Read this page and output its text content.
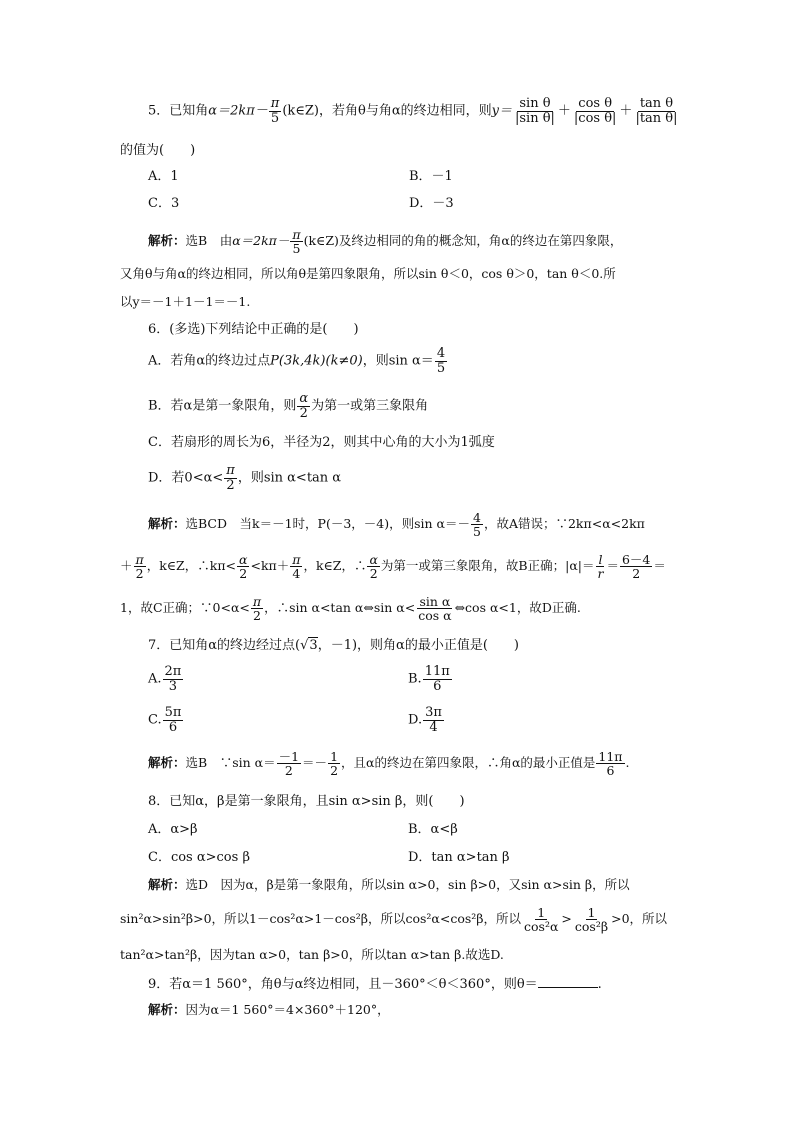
5．已知角$\alpha=2k\pi- \frac{\pi}{5}$ (k∈Z)，若角θ与角α的终边相同，则$y= \frac{\text{sin θ}}{\text{|sin θ|}} + \frac{\text{cos θ}}{\text{|cos θ|}} + \frac{\text{tan θ}}{\text{|tan θ|}}$
的值为(　　)
A．1	B．－1
C．3	D．－3
解析：选B　由$\alpha=2k\pi- \frac{\pi}{5}$ (k∈Z)及终边相同的角的概念知，角α的终边在第四象限，
又角θ与角α的终边相同，所以角θ是第四象限角，所以sin θ＜0，cos θ＞0，tan θ＜0.所
以y＝－1＋1－1＝－1.
6．(多选)下列结论中正确的是(　　)
A．若角α的终边过点P(3k,4k)(k≠0)，则$\sin \alpha= \frac{4}{5}$
B．若α是第一象限角，则 $\frac{\alpha}{2}$ 为第一或第三象限角
C．若扇形的周长为6，半径为2，则其中心角的大小为1弧度
D．若$0<\alpha< \frac{\pi}{2}$ ，则sin α<tan α
解析：选BCD　当k＝－1时，P(－3，－4)，则$\sin \alpha=- \frac{4}{5}$ ，故A错误；∵2kπ<α<2kπ
＋ $\frac{\pi}{2}$ ，k∈Z，∴kπ< $\frac{\alpha}{2} <k\pi+ \frac{\pi}{4}$ ，k∈Z，∴ $\frac{\alpha}{2}$ 为第一或第三象限角，故B正确；$|\alpha|= \frac{l}{r} = \frac{6-4}{2}$ ＝
1，故C正确；∵0<α< $\frac{\pi}{2}$ ，∴sin α<tan α⇔sin $\alpha< \frac{\text{sin α}}{\text{cos α}}$ ⇔cos α<1，故D正确.
7．已知角α的终边经过点(√3，－1)，则角α的最小正值是(　　)
A. $\frac{2\pi}{3}$	B. $\frac{11\pi}{6}$
C. $\frac{5\pi}{6}$	D. $\frac{3\pi}{4}$
解析：选B　∵sin $\alpha= \frac{-1}{2} =- \frac{1}{2}$ ，且α的终边在第四象限，∴角α的最小正值是 $\frac{11\pi}{6}$ .
8．已知α，β是第一象限角，且sin α>sin β，则(　　)
A．α>β	B．α<β
C．cos α>cos β	D．tan α>tan β
解析：选D　因为α，β是第一象限角，所以sin α>0，sin β>0，又sin α>sin β，所以
sin²α>sin²β>0，所以1－cos²α>1－cos²β，所以cos²α<cos²β，所以 $\frac{1}{\text{cos²α}} > \frac{1}{\text{cos²β}} >0$，所以
tan²α>tan²β，因为tan α>0，tan β>0，所以tan α>tan β.故选D.
9．若α＝1 560°，角θ与α终边相同，且－360°＜θ＜360°，则θ＝	.
解析：因为α＝1 560°＝4×360°＋120°，
